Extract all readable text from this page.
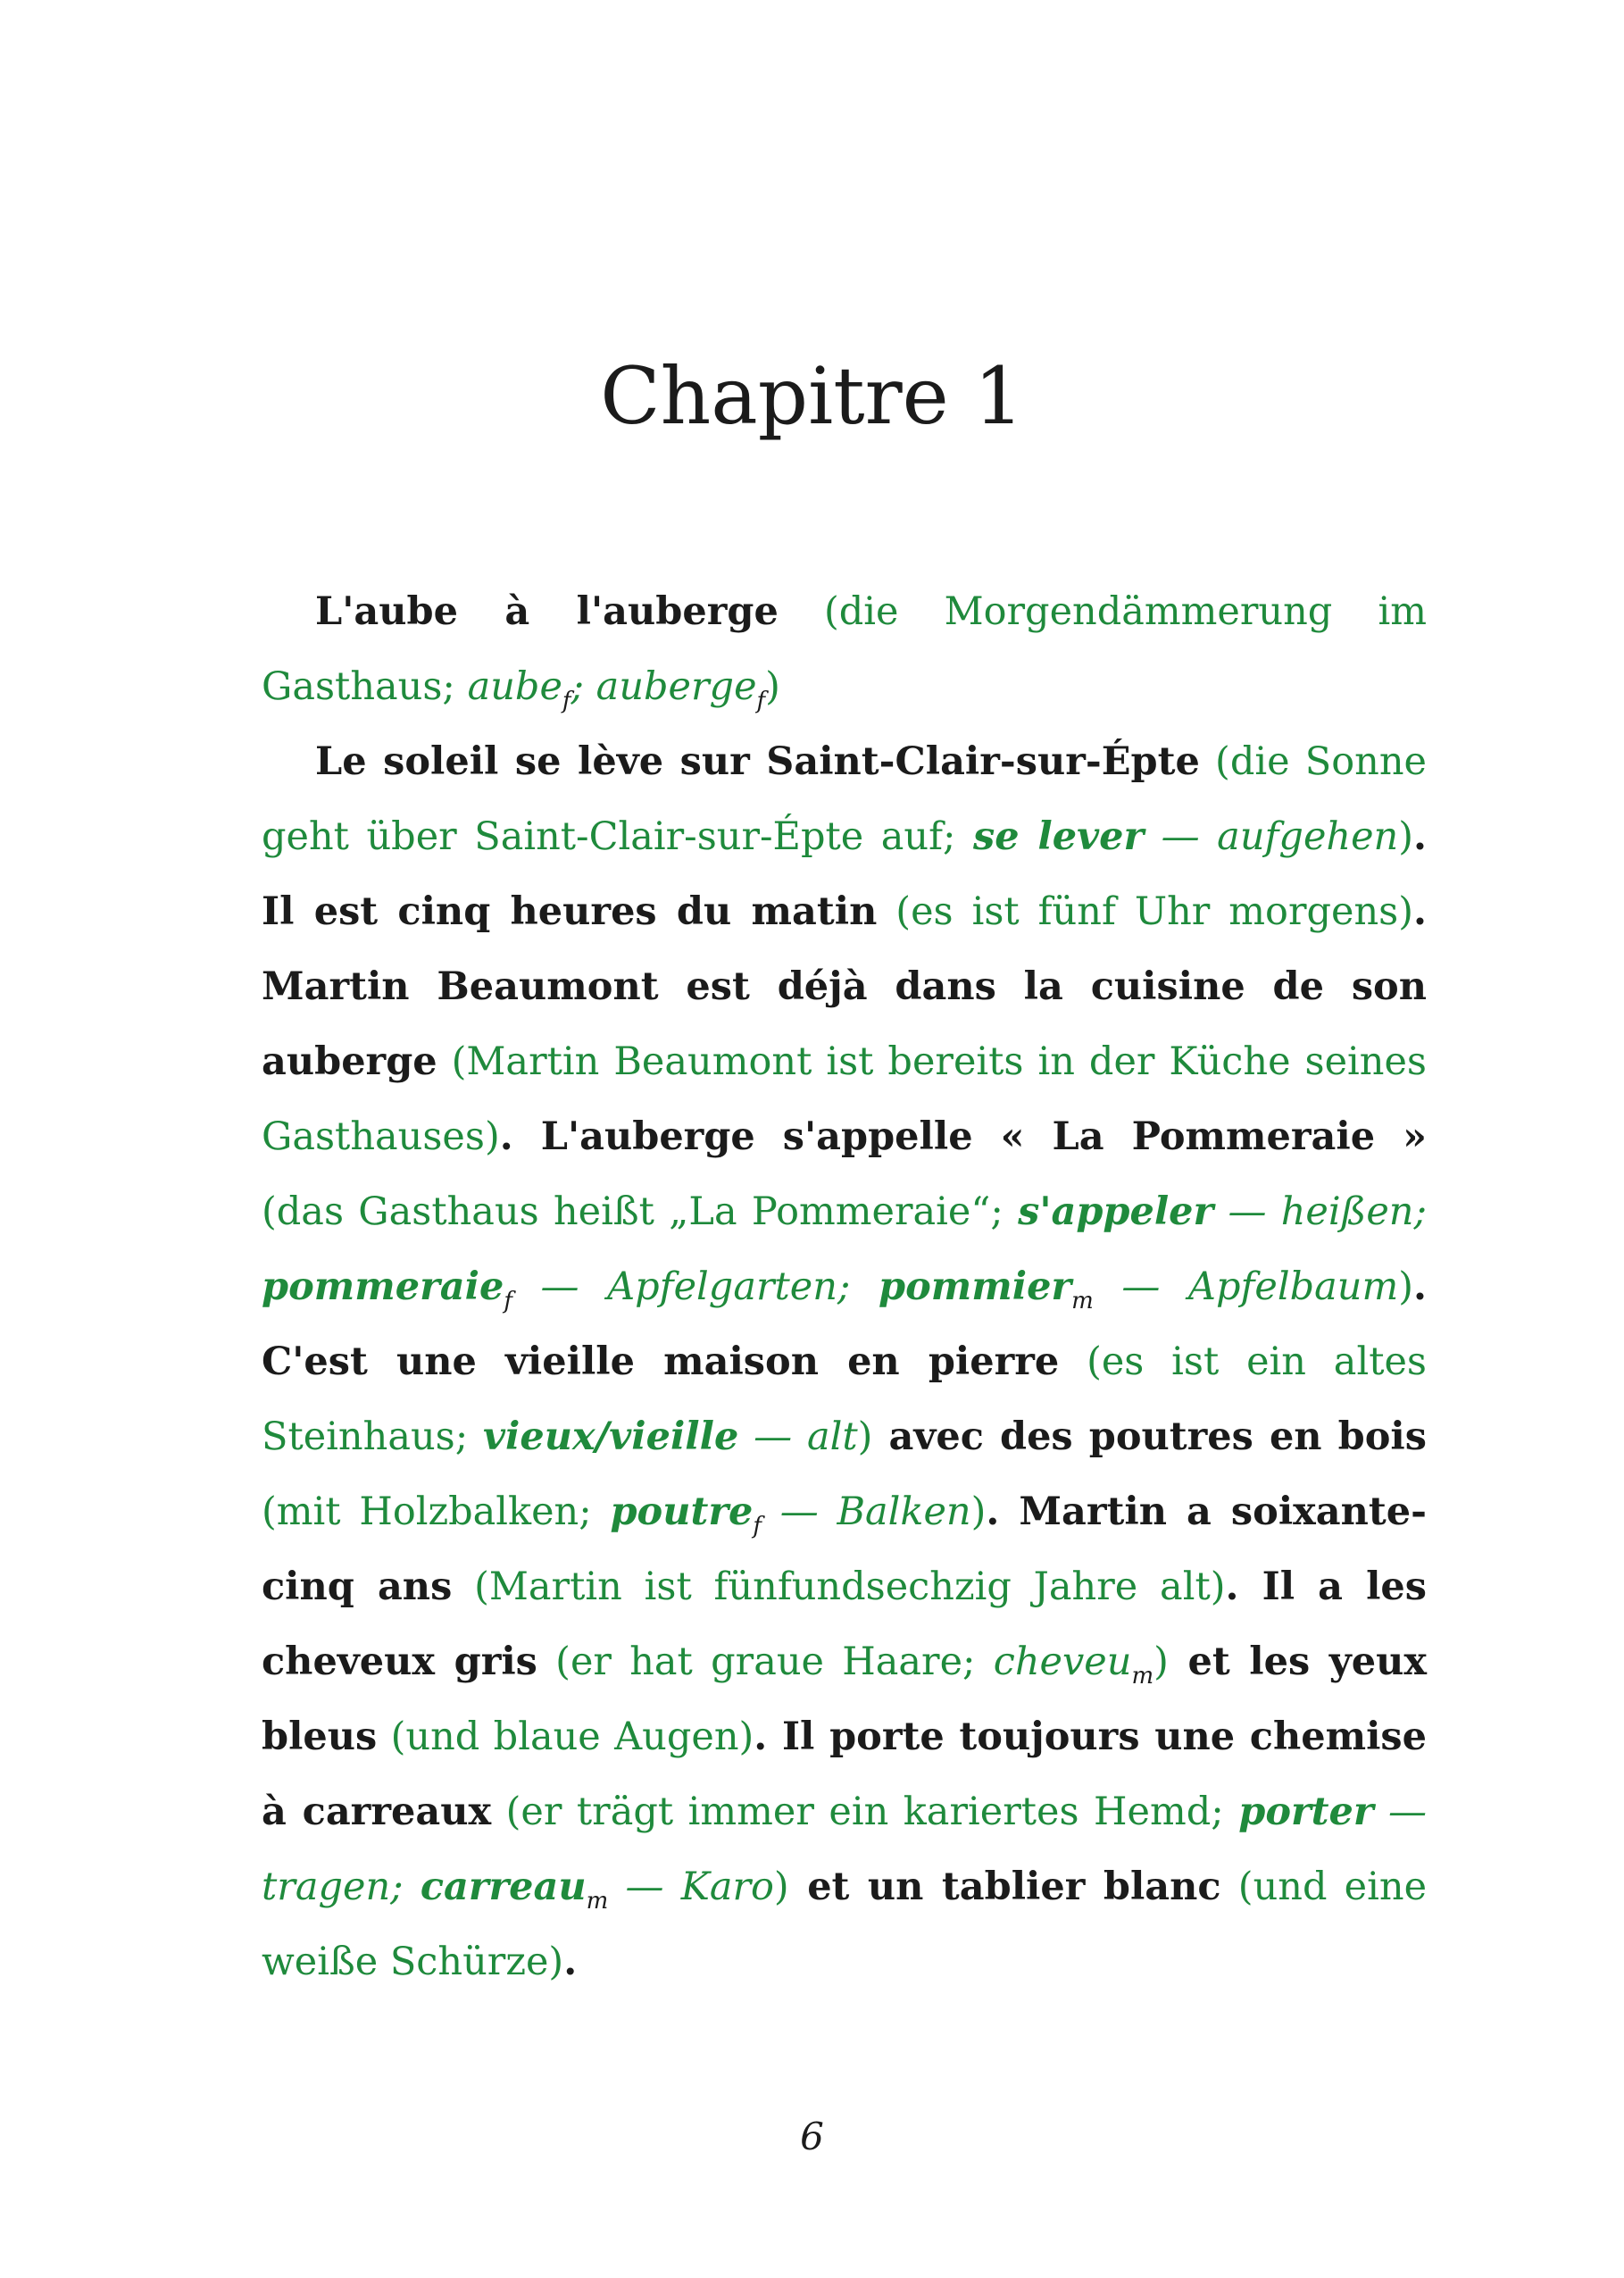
Chapitre 1

L'aube à l'auberge (die Morgendämmerung im Gasthaus; aube$_f$; auberge$_f$)

Le soleil se lève sur Saint-Clair-sur-Épte (die Sonne geht über Saint-Clair-sur-Épte auf; se lever — aufgehen). Il est cinq heures du matin (es ist fünf Uhr morgens). Martin Beaumont est déjà dans la cuisine de son auberge (Martin Beaumont ist bereits in der Küche seines Gasthauses). L'auberge s'appelle « La Pommeraie » (das Gasthaus heißt „La Pommeraie“; s'appeler — heißen; pommeraie$_f$ — Apfelgarten; pommier$_m$ — Apfelbaum). C'est une vieille maison en pierre (es ist ein altes Steinhaus; vieux/vieille — alt) avec des poutres en bois (mit Holzbalken; poutre$_f$ — Balken). Martin a soixante-cinq ans (Martin ist fünfundsechzig Jahre alt). Il a les cheveux gris (er hat graue Haare; cheveu$_m$) et les yeux bleus (und blaue Augen). Il porte toujours une chemise à carreaux (er trägt immer ein kariertes Hemd; porter — tragen; carreau$_m$ — Karo) et un tablier blanc (und eine weiße Schürze).

6
